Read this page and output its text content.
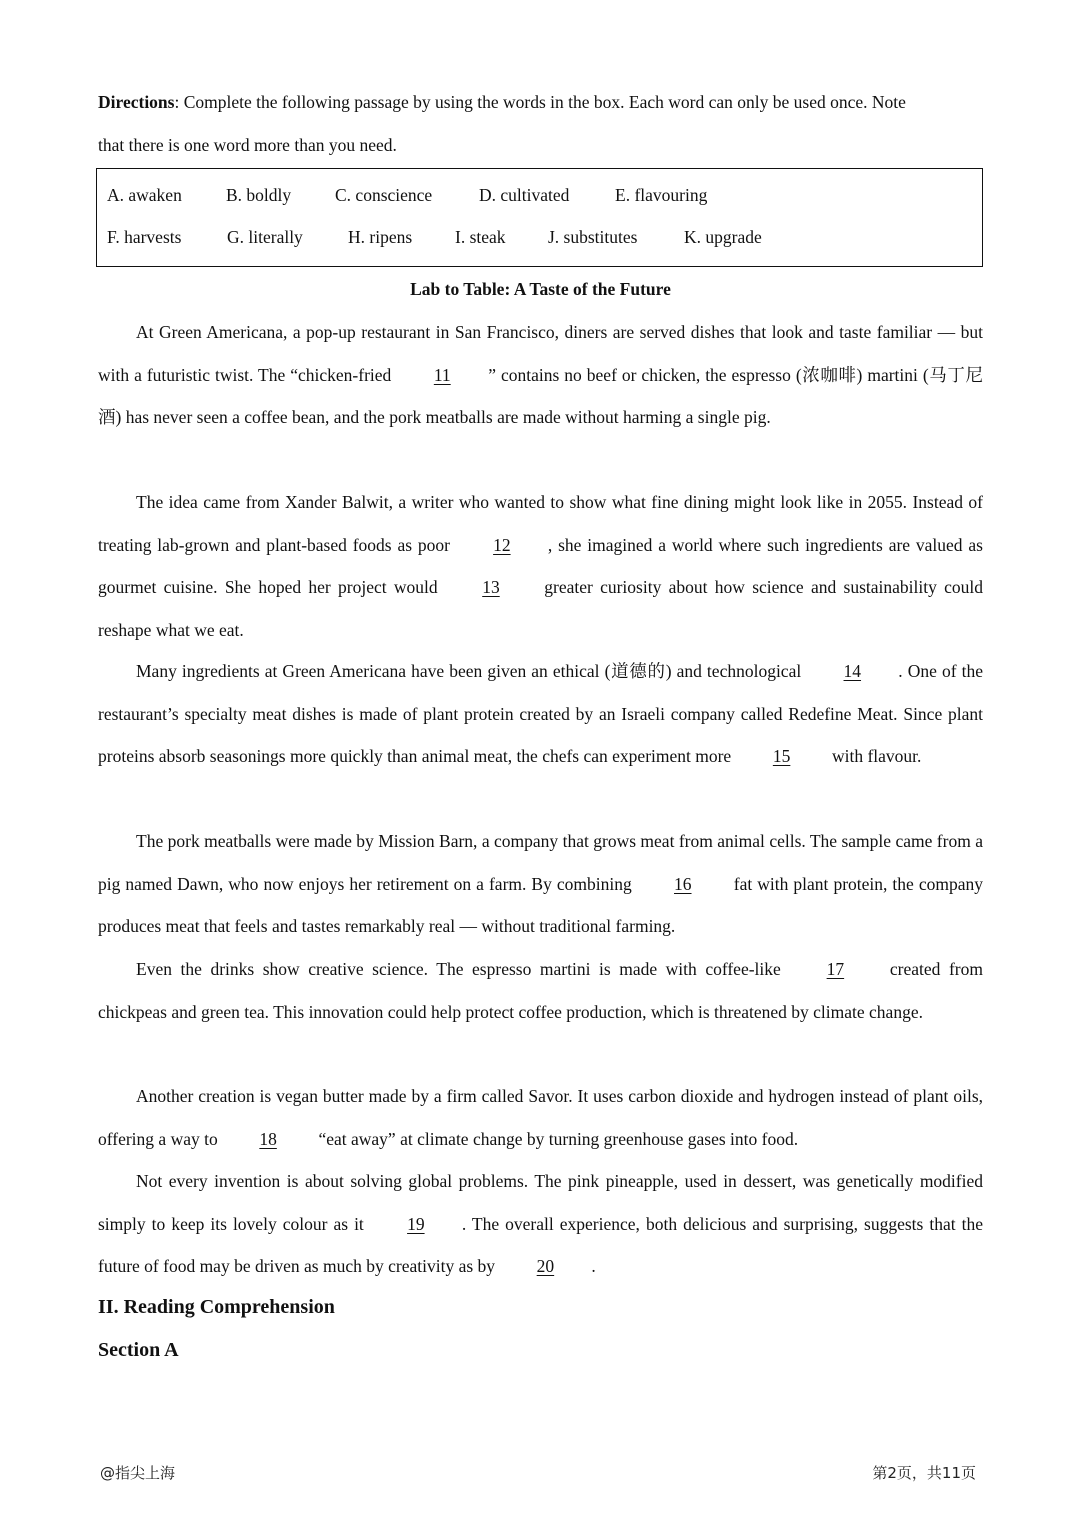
Directions: Complete the following passage by using the words in the box. Each word can only be used once. Note
that there is one word more than you need.
A. awaken	B. boldly	C. conscience	D. cultivated	E. flavouring
F. harvests	G. literally	H. ripens I. steak J. substitutes	K. upgrade
Lab to Table: A Taste of the Future

At Green Americana, a pop-up restaurant in San Francisco, diners are served dishes that look and taste familiar — but with a futuristic twist. The “chicken-fried 11 ” contains no beef or chicken, the espresso (浓咖啡) martini (马丁尼酒) has never seen a coffee bean, and the pork meatballs are made without harming a single pig.

The idea came from Xander Balwit, a writer who wanted to show what fine dining might look like in 2055. Instead of treating lab-grown and plant-based foods as poor 12 , she imagined a world where such ingredients are valued as gourmet cuisine. She hoped her project would 13 greater curiosity about how science and sustainability could reshape what we eat.

Many ingredients at Green Americana have been given an ethical (道德的) and technological 14 . One of the restaurant’s specialty meat dishes is made of plant protein created by an Israeli company called Redefine Meat. Since plant proteins absorb seasonings more quickly than animal meat, the chefs can experiment more 15 with flavour.

The pork meatballs were made by Mission Barn, a company that grows meat from animal cells. The sample came from a pig named Dawn, who now enjoys her retirement on a farm. By combining 16 fat with plant protein, the company produces meat that feels and tastes remarkably real — without traditional farming.

Even the drinks show creative science. The espresso martini is made with coffee-like 17 created from chickpeas and green tea. This innovation could help protect coffee production, which is threatened by climate change.

Another creation is vegan butter made by a firm called Savor. It uses carbon dioxide and hydrogen instead of plant oils, offering a way to 18 “eat away” at climate change by turning greenhouse gases into food.

Not every invention is about solving global problems. The pink pineapple, used in dessert, was genetically modified simply to keep its lovely colour as it 19 . The overall experience, both delicious and surprising, suggests that the future of food may be driven as much by creativity as by 20 .

II. Reading Comprehension
Section A
@指尖上海	第2页，共11页
